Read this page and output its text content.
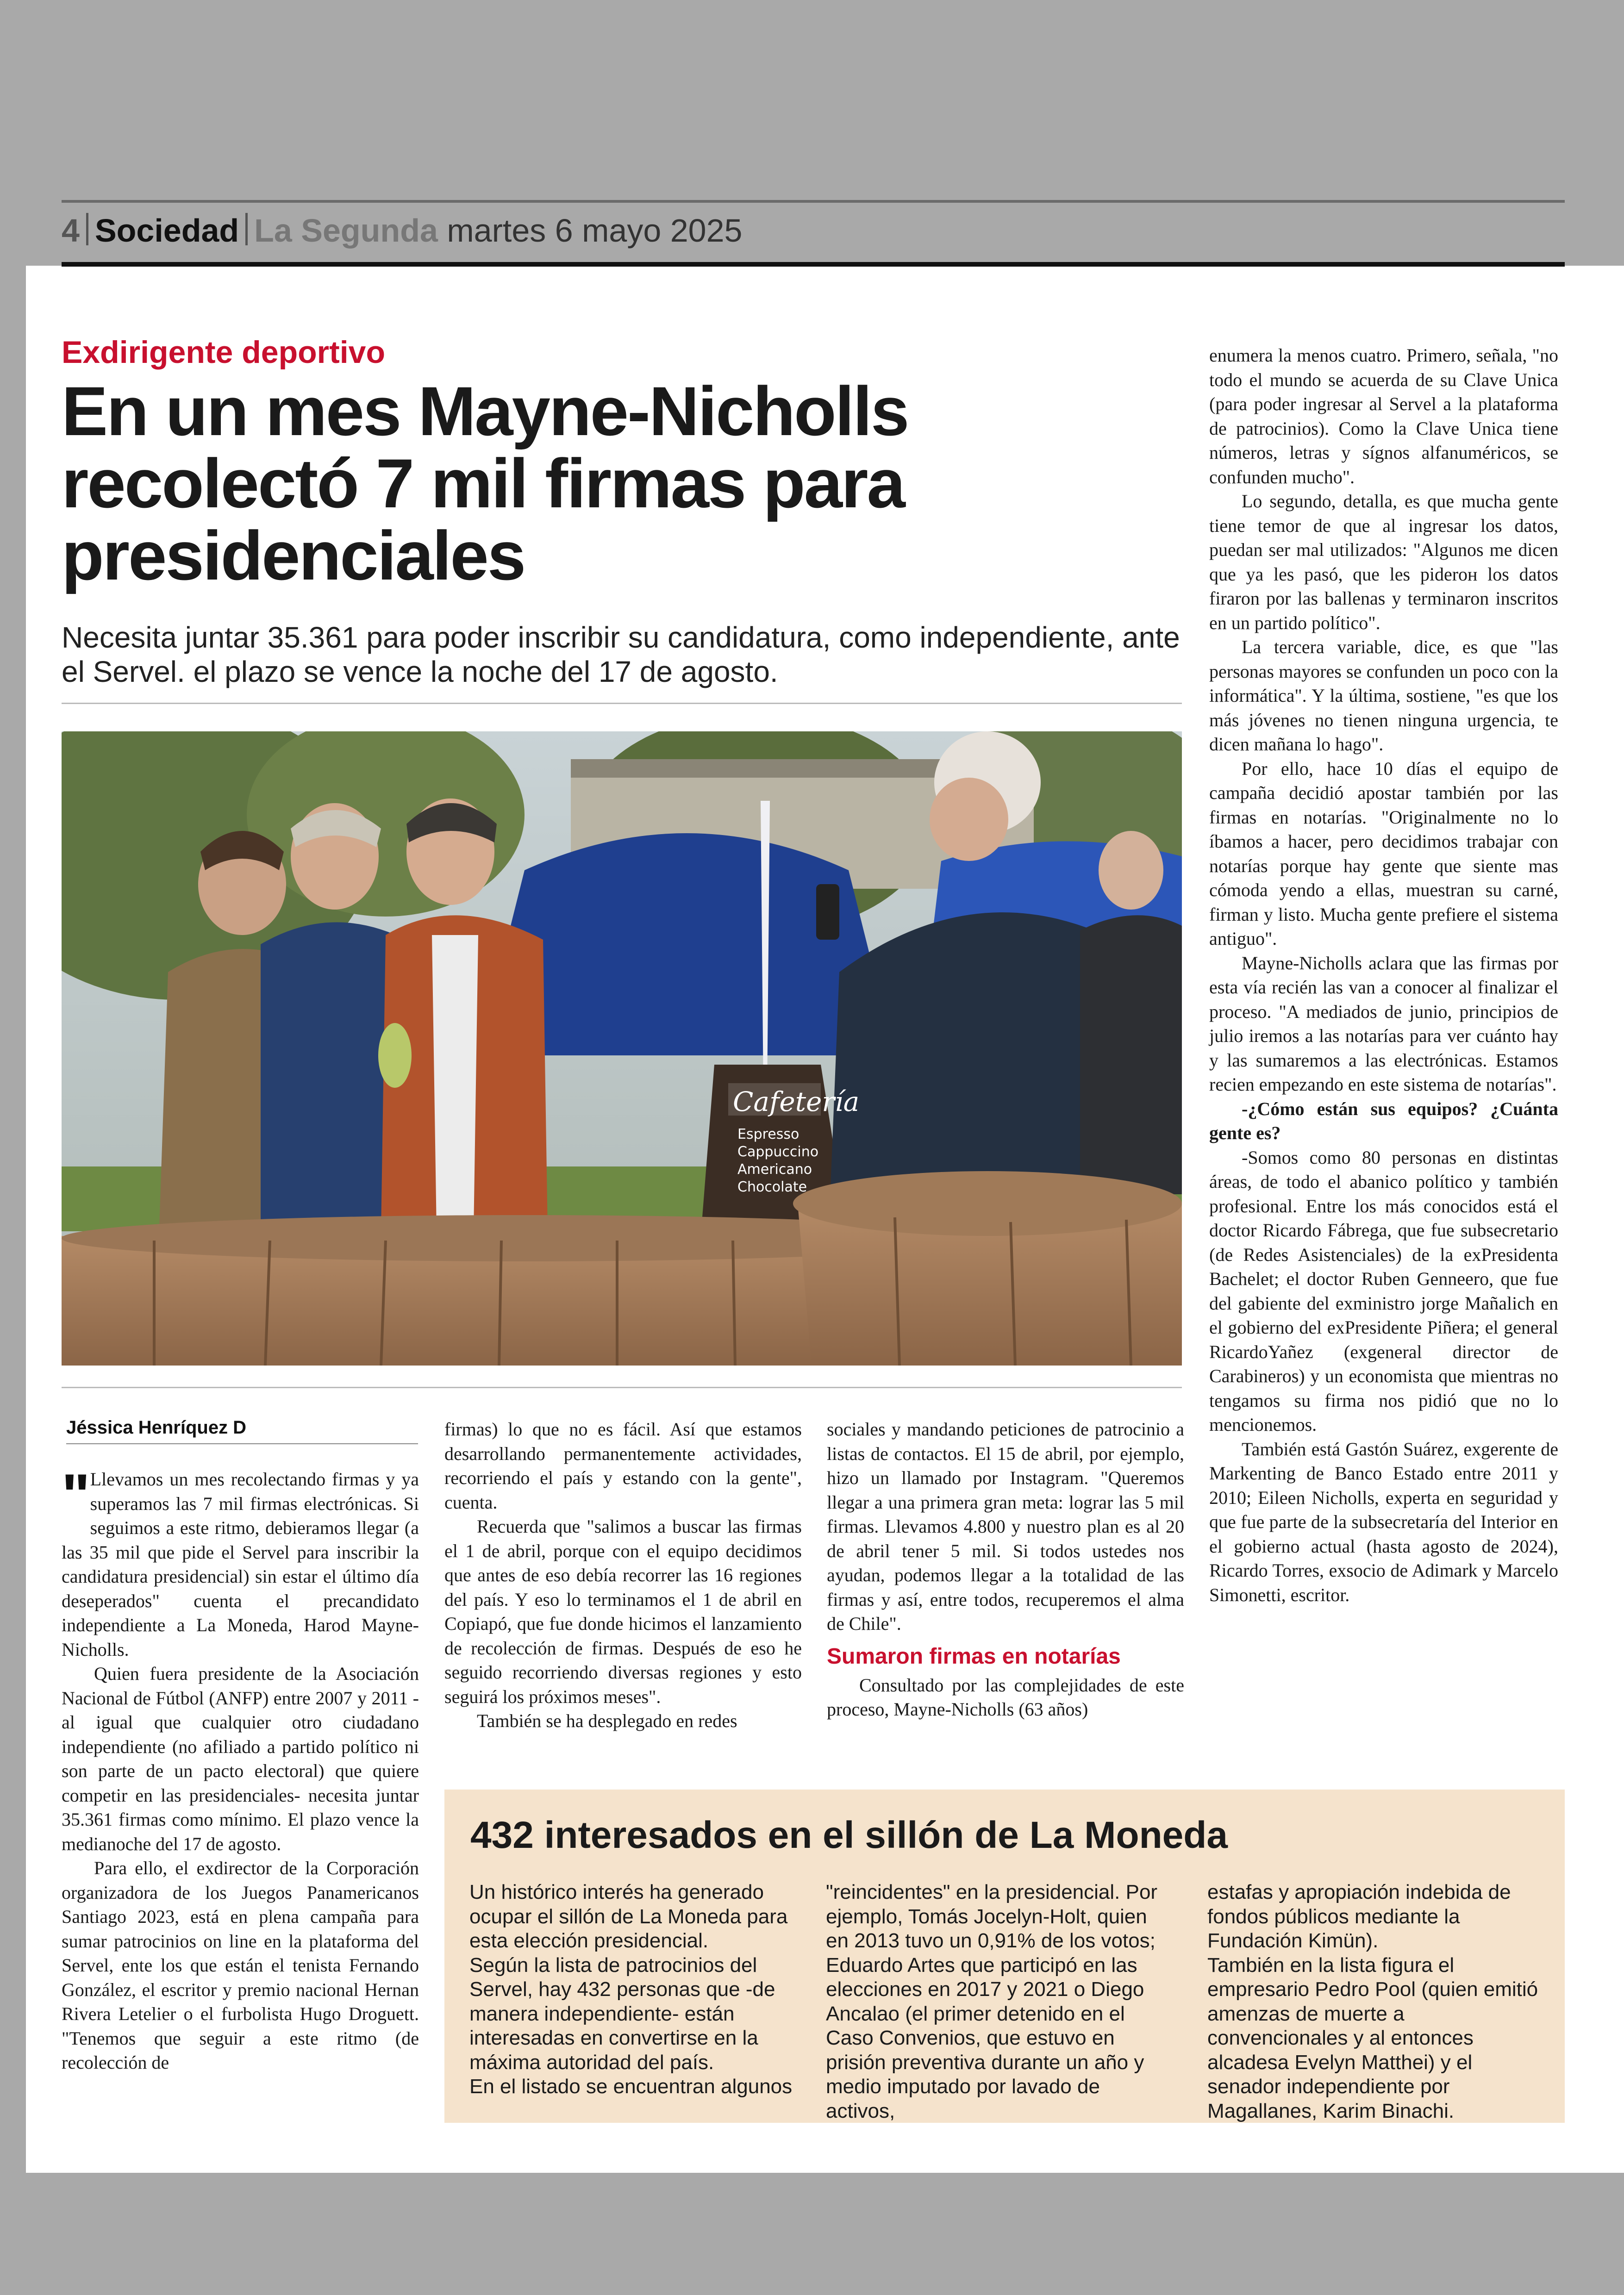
4 Sociedad La Segunda martes 6 mayo 2025
Exdirigente deportivo
En un mes Mayne-Nicholls recolectó 7 mil firmas para presidenciales

Necesita juntar 35.361 para poder inscribir su candidatura, como independiente, ante el Servel. el plazo se vence la noche del 17 de agosto.

Cafetería
Espresso
Cappuccino
Americano
Chocolate
Jéssica Henríquez D

" Llevamos un mes recolectando firmas y ya superamos las 7 mil firmas electrónicas. Si seguimos a este ritmo, debieramos llegar (a las 35 mil que pide el Servel para inscribir la candidatura presidencial) sin estar el último día deseperados" cuenta el precandidato independiente a La Moneda, Harod Mayne-Nicholls.

Quien fuera presidente de la Asociación Nacional de Fútbol (ANFP) entre 2007 y 2011 -al igual que cualquier otro ciudadano independiente (no afiliado a partido político ni son parte de un pacto electoral) que quiere competir en las presidenciales- necesita juntar 35.361 firmas como mínimo. El plazo vence la medianoche del 17 de agosto.

Para ello, el exdirector de la Corporación organizadora de los Juegos Panamericanos Santiago 2023, está en plena campaña para sumar patrocinios on line en la plataforma del Servel, ente los que están el tenista Fernando González, el escritor y premio nacional Hernan Rivera Letelier o el furbolista Hugo Droguett. "Tenemos que seguir a este ritmo (de recolección de

firmas) lo que no es fácil. Así que estamos desarrollando permanentemente actividades, recorriendo el país y estando con la gente", cuenta.

Recuerda que "salimos a buscar las firmas el 1 de abril, porque con el equipo decidimos que antes de eso debía recorrer las 16 regiones del país. Y eso lo terminamos el 1 de abril en Copiapó, que fue donde hicimos el lanzamiento de recolección de firmas. Después de eso he seguido recorriendo diversas regiones y esto seguirá los próximos meses".

También se ha desplegado en redes

sociales y mandando peticiones de patrocinio a listas de contactos. El 15 de abril, por ejemplo, hizo un llamado por Instagram. "Queremos llegar a una primera gran meta: lograr las 5 mil firmas. Llevamos 4.800 y nuestro plan es al 20 de abril tener 5 mil. Si todos ustedes nos ayudan, podemos llegar a la totalidad de las firmas y así, entre todos, recuperemos el alma de Chile".

Sumaron firmas en notarías

Consultado por las complejidades de este proceso, Mayne-Nicholls (63 años)

enumera la menos cuatro. Primero, señala, "no todo el mundo se acuerda de su Clave Unica (para poder ingresar al Servel a la plataforma de patrocinios). Como la Clave Unica tiene números, letras y sígnos alfanuméricos, se confunden mucho".

Lo segundo, detalla, es que mucha gente tiene temor de que al ingresar los datos, puedan ser mal utilizados: "Algunos me dicen que ya les pasó, que les piderон los datos firaron por las ballenas y terminaron inscritos en un partido político".

La tercera variable, dice, es que "las personas mayores se confunden un poco con la informática". Y la última, sostiene, "es que los más jóvenes no tienen ninguna urgencia, te dicen mañana lo hago".

Por ello, hace 10 días el equipo de campaña decidió apostar también por las firmas en notarías. "Originalmente no lo íbamos a hacer, pero decidimos trabajar con notarías porque hay gente que siente mas cómoda yendo a ellas, muestran su carné, firman y listo. Mucha gente prefiere el sistema antiguo".

Mayne-Nicholls aclara que las firmas por esta vía recién las van a conocer al finalizar el proceso. "A mediados de junio, principios de julio iremos a las notarías para ver cuánto hay y las sumaremos a las electrónicas. Estamos recien empezando en este sistema de notarías".

-¿Cómo están sus equipos? ¿Cuánta gente es?

-Somos como 80 personas en distintas áreas, de todo el abanico político y también profesional. Entre los más conocidos está el doctor Ricardo Fábrega, que fue subsecretario (de Redes Asistenciales) de la exPresidenta Bachelet; el doctor Ruben Genneero, que fue del gabiente del exministro jorge Mañalich en el gobierno del exPresidente Piñera; el general RicardoYañez (exgeneral director de Carabineros) y un economista que mientras no tengamos su firma nos pidió que no lo mencionemos.

También está Gastón Suárez, exgerente de Markenting de Banco Estado entre 2011 y 2010; Eileen Nicholls, experta en seguridad y que fue parte de la subsecretaría del Interior en el gobierno actual (hasta agosto de 2024), Ricardo Torres, exsocio de Adimark y Marcelo Simonetti, escritor.

432 interesados en el sillón de La Moneda

Un histórico interés ha generado ocupar el sillón de La Moneda para esta elección presidencial.

Según la lista de patrocinios del Servel, hay 432 personas que -de manera independiente- están interesadas en convertirse en la máxima autoridad del país.

En el listado se encuentran algunos

"reincidentes" en la presidencial. Por ejemplo, Tomás Jocelyn-Holt, quien en 2013 tuvo un 0,91% de los votos; Eduardo Artes que participó en las elecciones en 2017 y 2021 o Diego Ancalao (el primer detenido en el Caso Convenios, que estuvo en prisión preventiva durante un año y medio imputado por lavado de activos,

estafas y apropiación indebida de fondos públicos mediante la Fundación Kimün).

También en la lista figura el empresario Pedro Pool (quien emitió amenzas de muerte a convencionales y al entonces alcadesa Evelyn Matthei) y el senador independiente por Magallanes, Karim Binachi.
